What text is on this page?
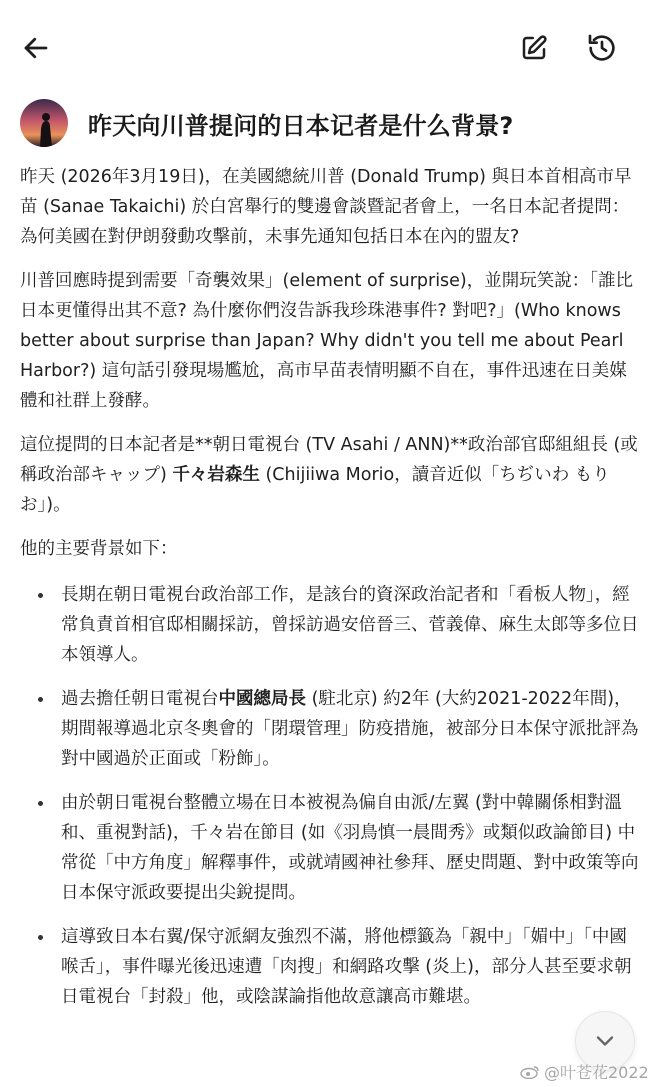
昨天向川普提问的日本记者是什么背景?

昨天 (2026年3月19日)，在美國總統川普 (Donald Trump) 與日本首相高市早苗 (Sanae Takaichi) 於白宮舉行的雙邊會談暨記者會上，一名日本記者提問：為何美國在對伊朗發動攻擊前，未事先通知包括日本在內的盟友?

川普回應時提到需要「奇襲效果」(element of surprise)，並開玩笑說：「誰比日本更懂得出其不意? 為什麼你們沒告訴我珍珠港事件? 對吧?」(Who knows better about surprise than Japan? Why didn't you tell me about Pearl Harbor?) 這句話引發現場尷尬，高市早苗表情明顯不自在，事件迅速在日美媒體和社群上發酵。

這位提問的日本記者是**朝日電視台 (TV Asahi / ANN)**政治部官邸組組長 (或稱政治部キャップ) 千々岩森生 (Chijiiwa Morio，讀音近似「ちぢいわ もりお」)。

他的主要背景如下：

長期在朝日電視台政治部工作，是該台的資深政治記者和「看板人物」，經常負責首相官邸相關採訪，曾採訪過安倍晉三、菅義偉、麻生太郎等多位日本領導人。
過去擔任朝日電視台中國總局長 (駐北京) 約2年 (大約2021-2022年間)，期間報導過北京冬奧會的「閉環管理」防疫措施，被部分日本保守派批評為對中國過於正面或「粉飾」。
由於朝日電視台整體立場在日本被視為偏自由派/左翼 (對中韓關係相對溫和、重視對話)，千々岩在節目 (如《羽鳥慎一晨間秀》或類似政論節目) 中常從「中方角度」解釋事件，或就靖國神社參拜、歷史問題、對中政策等向日本保守派政要提出尖銳提問。
這導致日本右翼/保守派網友強烈不滿，將他標籤為「親中」「媚中」「中國喉舌」，事件曝光後迅速遭「肉搜」和網路攻擊 (炎上)，部分人甚至要求朝日電視台「封殺」他，或陰謀論指他故意讓高市難堪。
@叶苍花2022
